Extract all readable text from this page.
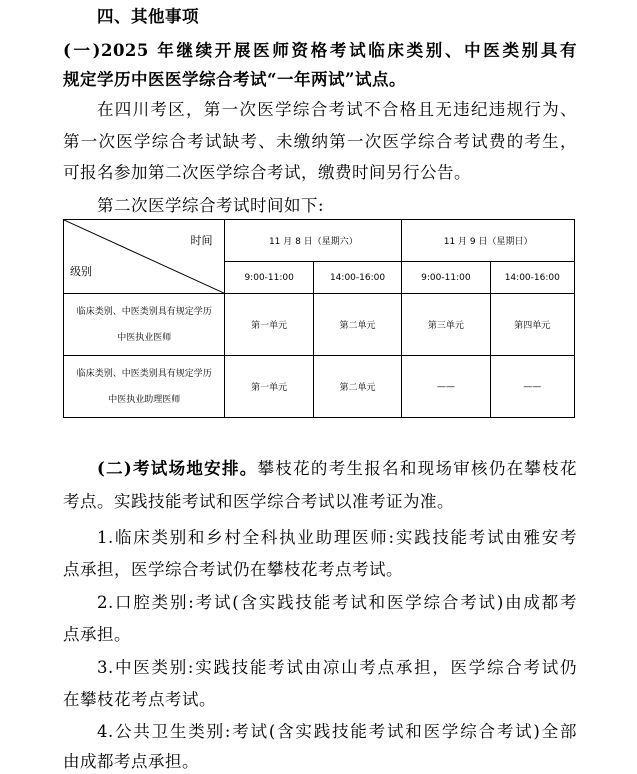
四、其他事项
(一)2025 年继续开展医师资格考试临床类别、中医类别具有
规定学历中医医学综合考试“一年两试”试点。
在四川考区，第一次医学综合考试不合格且无违纪违规行为、
第一次医学综合考试缺考、未缴纳第一次医学综合考试费的考生，
可报名参加第二次医学综合考试，缴费时间另行公告。
第二次医学综合考试时间如下:
时间
级别	11 月 8 日（星期六）		11 月 9 日（星期日）	
	9:00-11:00	14:00-16:00	9:00-11:00	14:00-16:00

临床类别、中医类别具有规定学历
中医执业医师	第一单元	第二单元	第三单元	第四单元

临床类别、中医类别具有规定学历
中医执业助理医师	第一单元	第二单元	——	——
(二)考试场地安排。攀枝花的考生报名和现场审核仍在攀枝花
考点。实践技能考试和医学综合考试以准考证为准。
1.临床类别和乡村全科执业助理医师:实践技能考试由雅安考
点承担，医学综合考试仍在攀枝花考点考试。
2.口腔类别:考试(含实践技能考试和医学综合考试)由成都考
点承担。
3.中医类别:实践技能考试由凉山考点承担，医学综合考试仍
在攀枝花考点考试。
4.公共卫生类别:考试(含实践技能考试和医学综合考试)全部
由成都考点承担。
